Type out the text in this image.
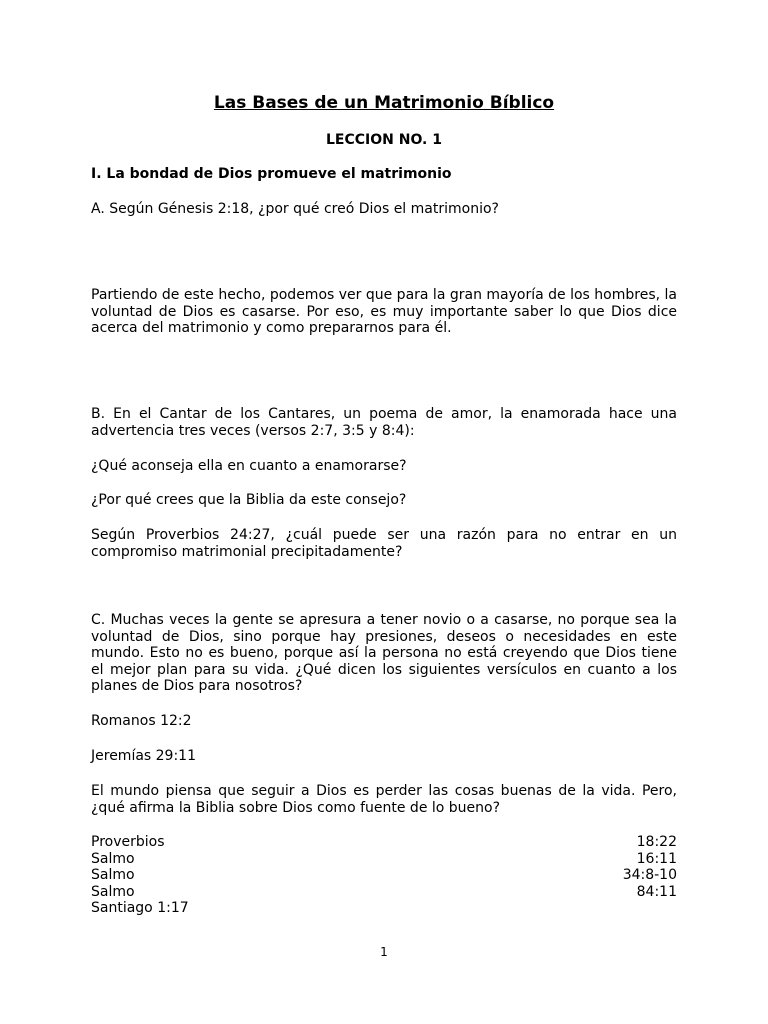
Las Bases de un Matrimonio Bíblico
LECCION NO. 1

I. La bondad de Dios promueve el matrimonio

A. Según Génesis 2:18, ¿por qué creó Dios el matrimonio?

Partiendo de este hecho, podemos ver que para la gran mayoría de los hombres, la voluntad de Dios es casarse. Por eso, es muy importante saber lo que Dios dice acerca del matrimonio y como prepararnos para él.

B. En el Cantar de los Cantares, un poema de amor, la enamorada hace una advertencia tres veces (versos 2:7, 3:5 y 8:4):

¿Qué aconseja ella en cuanto a enamorarse?

¿Por qué crees que la Biblia da este consejo?

Según Proverbios 24:27, ¿cuál puede ser una razón para no entrar en un compromiso matrimonial precipitadamente?

C. Muchas veces la gente se apresura a tener novio o a casarse, no porque sea la voluntad de Dios, sino porque hay presiones, deseos o necesidades en este mundo. Esto no es bueno, porque así la persona no está creyendo que Dios tiene el mejor plan para su vida. ¿Qué dicen los siguientes versículos en cuanto a los planes de Dios para nosotros?

Romanos 12:2

Jeremías 29:11

El mundo piensa que seguir a Dios es perder las cosas buenas de la vida. Pero, ¿qué afirma la Biblia sobre Dios como fuente de lo bueno?

Proverbios	18:22
Salmo	16:11
Salmo	34:8-10
Salmo	84:11
Santiago 1:17
1
